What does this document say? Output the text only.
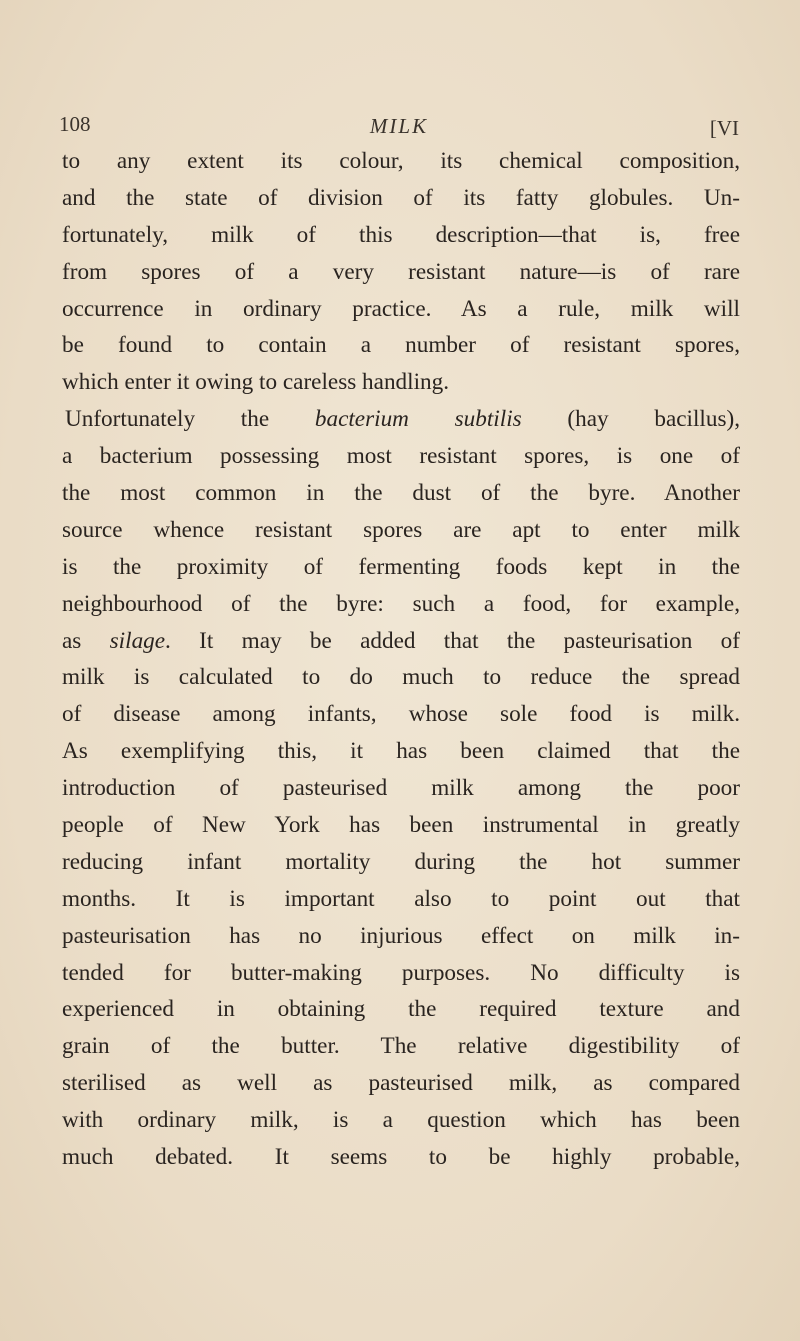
108	MILK	[VI
to any extent its colour, its chemical composition,
and the state of division of its fatty globules. Un-
fortunately, milk of this description—that is, free
from spores of a very resistant nature—is of rare
occurrence in ordinary practice. As a rule, milk will
be found to contain a number of resistant spores,
which enter it owing to careless handling.
Unfortunately the bacterium subtilis (hay bacillus),
a bacterium possessing most resistant spores, is one of
the most common in the dust of the byre. Another
source whence resistant spores are apt to enter milk
is the proximity of fermenting foods kept in the
neighbourhood of the byre: such a food, for example,
as silage. It may be added that the pasteurisation of
milk is calculated to do much to reduce the spread
of disease among infants, whose sole food is milk.
As exemplifying this, it has been claimed that the
introduction of pasteurised milk among the poor
people of New York has been instrumental in greatly
reducing infant mortality during the hot summer
months. It is important also to point out that
pasteurisation has no injurious effect on milk in-
tended for butter-making purposes. No difficulty is
experienced in obtaining the required texture and
grain of the butter. The relative digestibility of
sterilised as well as pasteurised milk, as compared
with ordinary milk, is a question which has been
much debated. It seems to be highly probable,
